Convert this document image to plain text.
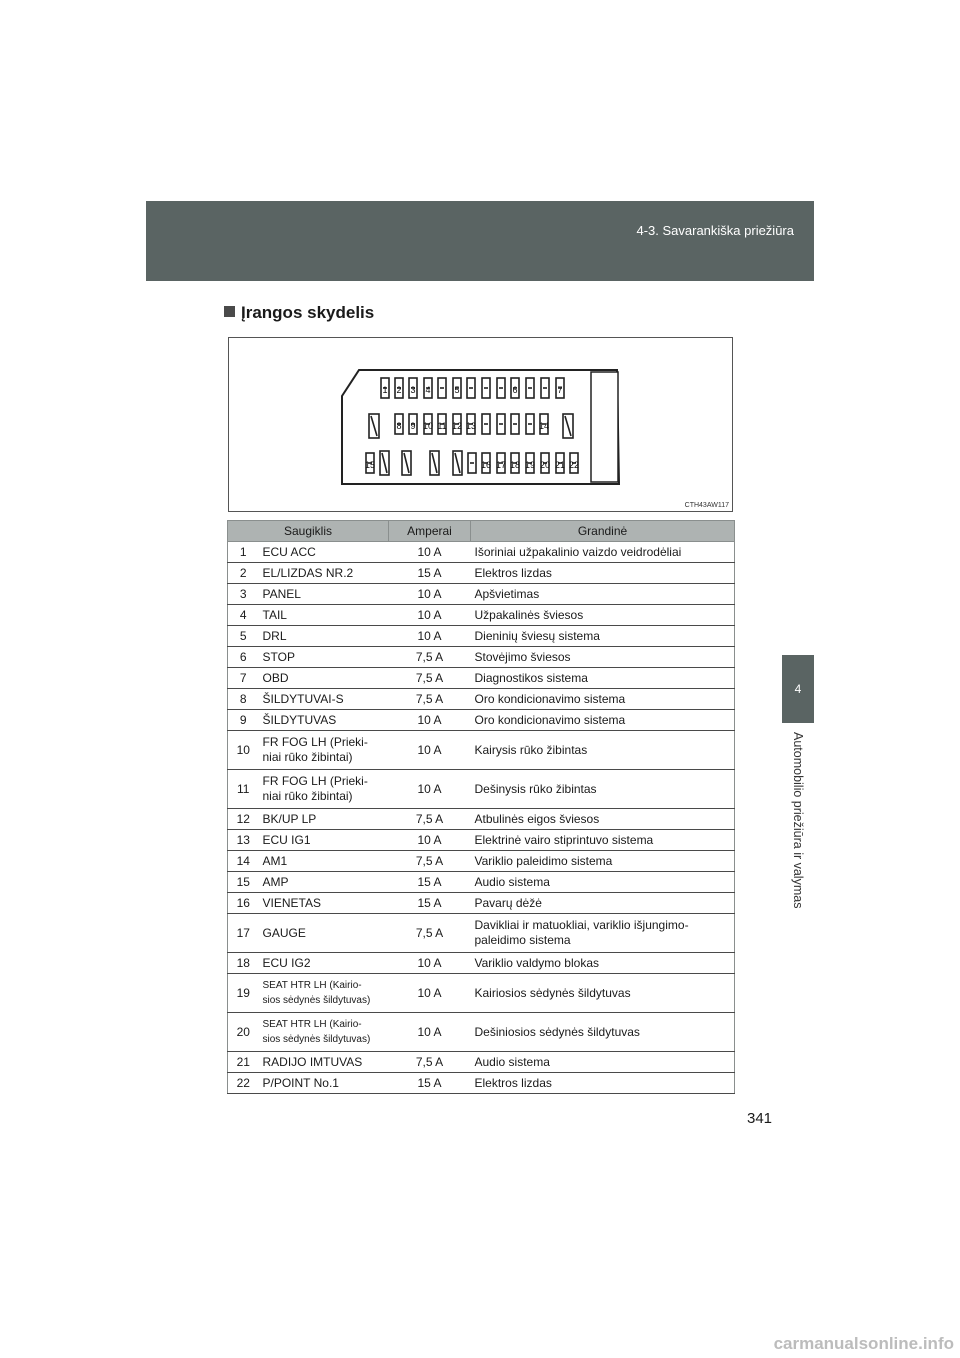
4-3. Savarankiška priežiūra
4
Automobilio priežiūra ir valymas
Įrangos skydelis
1 2 3 4	5	6	7
8 9 10 11 12 13	14
15	16 17 18 19 20 21 22
CTH43AW117
Saugiklis		Amperai	Grandinė
1	ECU ACC	10 A	Išoriniai užpakalinio vaizdo veidrodėliai
2	EL/LIZDAS NR.2	15 A	Elektros lizdas
3	PANEL	10 A	Apšvietimas
4	TAIL	10 A	Užpakalinės šviesos
5	DRL	10 A	Dieninių šviesų sistema
6	STOP	7,5 A	Stovėjimo šviesos
7	OBD	7,5 A	Diagnostikos sistema
8	ŠILDYTUVAI-S	7,5 A	Oro kondicionavimo sistema
9	ŠILDYTUVAS	10 A	Oro kondicionavimo sistema
10	FR FOG LH (Prieki-
niai rūko žibintai)	10 A	Kairysis rūko žibintas
11	FR FOG LH (Prieki-
niai rūko žibintai)	10 A	Dešinysis rūko žibintas
12	BK/UP LP	7,5 A	Atbulinės eigos šviesos
13	ECU IG1	10 A	Elektrinė vairo stiprintuvo sistema
14	AM1	7,5 A	Variklio paleidimo sistema
15	AMP	15 A	Audio sistema
16	VIENETAS	15 A	Pavarų dėžė
17	GAUGE	7,5 A	Davikliai ir matuokliai, variklio išjungimo-
paleidimo sistema
18	ECU IG2	10 A	Variklio valdymo blokas
19	SEAT HTR LH (Kairio-
sios sėdynės šildytuvas)	10 A	Kairiosios sėdynės šildytuvas
20	SEAT HTR LH (Kairio-
sios sėdynės šildytuvas)	10 A	Dešiniosios sėdynės šildytuvas
21	RADIJO IMTUVAS	7,5 A	Audio sistema
22	P/POINT No.1	15 A	Elektros lizdas
341
carmanualsonline.info
